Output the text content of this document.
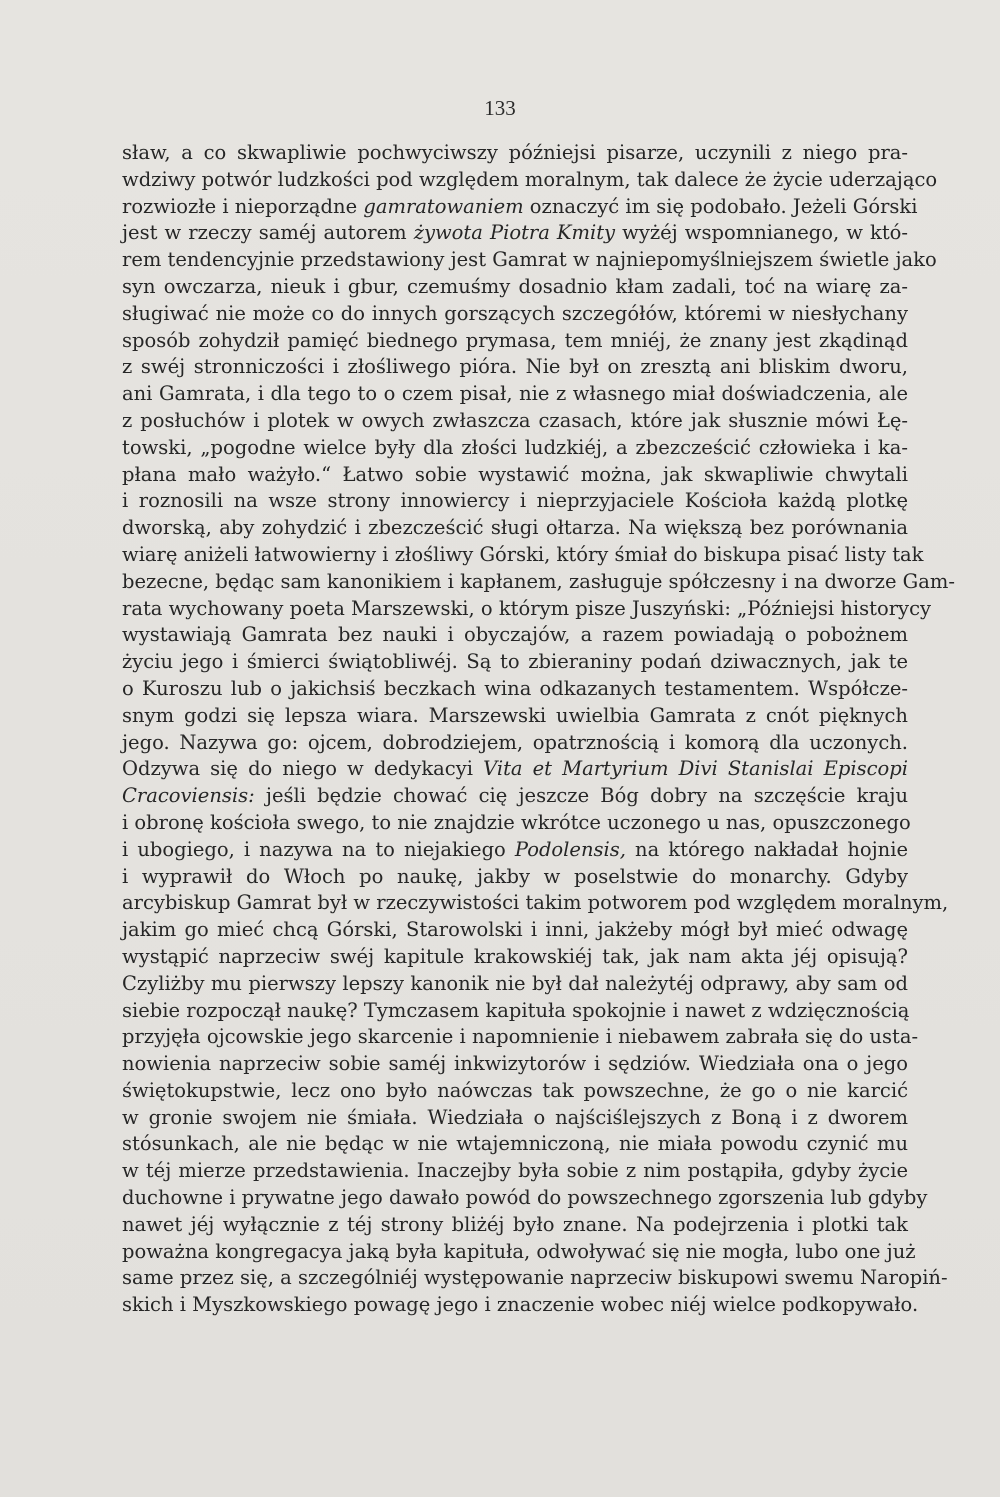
133
sław, a co skwapliwie pochwyciwszy późniejsi pisarze, uczynili z niego pra-
wdziwy potwór ludzkości pod względem moralnym, tak dalece że życie uderzająco
rozwiozłe i nieporządne gamratowaniem oznaczyć im się podobało. Jeżeli Górski
jest w rzeczy saméj autorem żywota Piotra Kmity wyżéj wspomnianego, w któ-
rem tendencyjnie przedstawiony jest Gamrat w najniepomyślniejszem świetle jako
syn owczarza, nieuk i gbur, czemuśmy dosadnio kłam zadali, toć na wiarę za-
sługiwać nie może co do innych gorszących szczegółów, któremi w niesłychany
sposób zohydził pamięć biednego prymasa, tem mniéj, że znany jest zkądinąd
z swéj stronniczości i złośliwego pióra. Nie był on zresztą ani bliskim dworu,
ani Gamrata, i dla tego to o czem pisał, nie z własnego miał doświadczenia, ale
z posłuchów i plotek w owych zwłaszcza czasach, które jak słusznie mówi Łę-
towski, „pogodne wielce były dla złości ludzkiéj, a zbezcześcić człowieka i ka-
płana mało ważyło.“ Łatwo sobie wystawić można, jak skwapliwie chwytali
i roznosili na wsze strony innowiercy i nieprzyjaciele Kościoła każdą plotkę
dworską, aby zohydzić i zbezcześcić sługi ołtarza. Na większą bez porównania
wiarę aniżeli łatwowierny i złośliwy Górski, który śmiał do biskupa pisać listy tak
bezecne, będąc sam kanonikiem i kapłanem, zasługuje spółczesny i na dworze Gam-
rata wychowany poeta Marszewski, o którym pisze Juszyński: „Późniejsi historycy
wystawiają Gamrata bez nauki i obyczajów, a razem powiadają o pobożnem
życiu jego i śmierci świątobliwéj. Są to zbieraniny podań dziwacznych, jak te
o Kuroszu lub o jakichsiś beczkach wina odkazanych testamentem. Współcze-
snym godzi się lepsza wiara. Marszewski uwielbia Gamrata z cnót pięknych
jego. Nazywa go: ojcem, dobrodziejem, opatrznością i komorą dla uczonych.
Odzywa się do niego w dedykacyi Vita et Martyrium Divi Stanislai Episcopi
Cracoviensis: jeśli będzie chować cię jeszcze Bóg dobry na szczęście kraju
i obronę kościoła swego, to nie znajdzie wkrótce uczonego u nas, opuszczonego
i ubogiego, i nazywa na to niejakiego Podolensis, na którego nakładał hojnie
i wyprawił do Włoch po naukę, jakby w poselstwie do monarchy. Gdyby
arcybiskup Gamrat był w rzeczywistości takim potworem pod względem moralnym,
jakim go mieć chcą Górski, Starowolski i inni, jakżeby mógł był mieć odwagę
wystąpić naprzeciw swéj kapitule krakowskiéj tak, jak nam akta jéj opisują?
Czyliżby mu pierwszy lepszy kanonik nie był dał należytéj odprawy, aby sam od
siebie rozpoczął naukę? Tymczasem kapituła spokojnie i nawet z wdzięcznością
przyjęła ojcowskie jego skarcenie i napomnienie i niebawem zabrała się do usta-
nowienia naprzeciw sobie saméj inkwizytorów i sędziów. Wiedziała ona o jego
świętokupstwie, lecz ono było naówczas tak powszechne, że go o nie karcić
w gronie swojem nie śmiała. Wiedziała o najściślejszych z Boną i z dworem
stósunkach, ale nie będąc w nie wtajemniczoną, nie miała powodu czynić mu
w téj mierze przedstawienia. Inaczejby była sobie z nim postąpiła, gdyby życie
duchowne i prywatne jego dawało powód do powszechnego zgorszenia lub gdyby
nawet jéj wyłącznie z téj strony bliżéj było znane. Na podejrzenia i plotki tak
poważna kongregacya jaką była kapituła, odwoływać się nie mogła, lubo one już
same przez się, a szczególniéj występowanie naprzeciw biskupowi swemu Naropiń-
skich i Myszkowskiego powagę jego i znaczenie wobec niéj wielce podkopywało.
